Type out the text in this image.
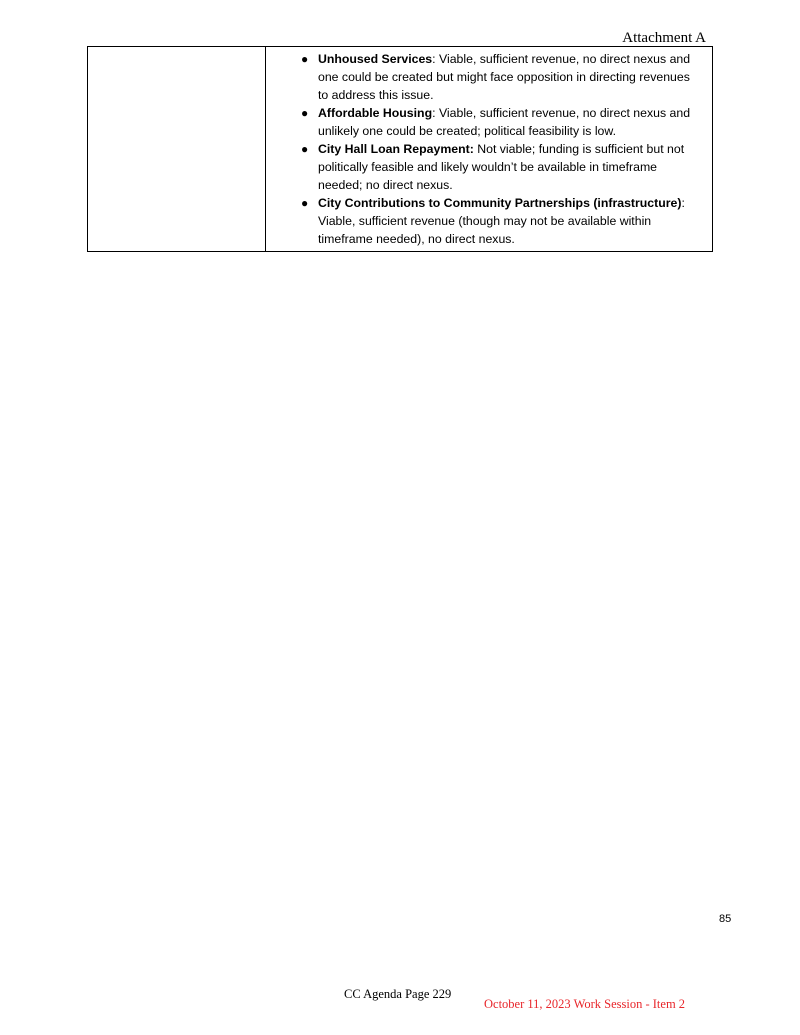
Attachment A
● Unhoused Services: Viable, sufficient revenue, no direct nexus and one could be created but might face opposition in directing revenues to address this issue.
● Affordable Housing: Viable, sufficient revenue, no direct nexus and unlikely one could be created; political feasibility is low.
● City Hall Loan Repayment: Not viable; funding is sufficient but not politically feasible and likely wouldn’t be available in timeframe needed; no direct nexus.
● City Contributions to Community Partnerships (infrastructure): Viable, sufficient revenue (though may not be available within timeframe needed), no direct nexus.
85
CC Agenda Page 229
October 11, 2023 Work Session - Item 2
